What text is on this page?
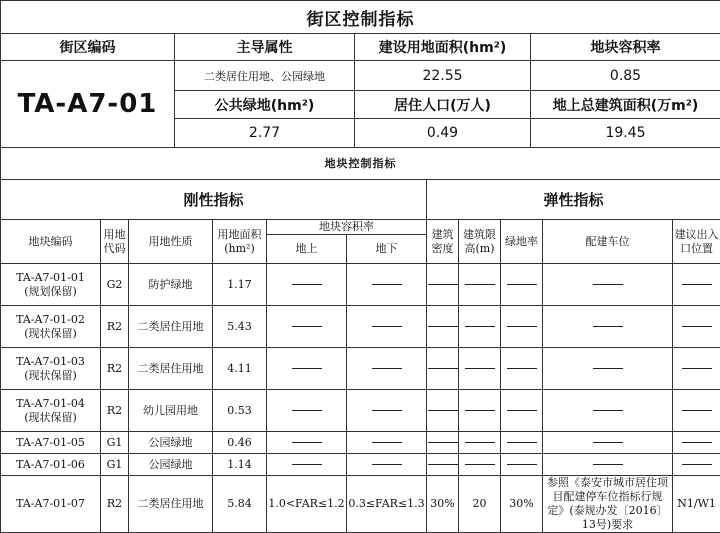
街区控制指标			
街区编码	主导属性	建设用地面积(hm²)	地块容积率
TA-A7-01	二类居住用地、公园绿地	22.55	0.85
	公共绿地(hm²)	居住人口(万人)	地上总建筑面积(万m²)
	2.77	0.49	19.45
地块控制指标										
刚性指标						弹性指标				
地块编码	用地代码	用地性质	用地面积(hm²)	地块容积率		建筑密度	建筑限高(m)	绿地率	配建车位	建议出入口位置
				地上	地下					

TA-A7-01-01
(规划保留)	G2	防护绿地	1.17							

TA-A7-01-02
(现状保留)	R2	二类居住用地	5.43							

TA-A7-01-03
(现状保留)	R2	二类居住用地	4.11							

TA-A7-01-04
(现状保留)	R2	幼儿园用地	0.53							

TA-A7-01-05	G1	公园绿地	0.46							

TA-A7-01-06	G1	公园绿地	1.14							

TA-A7-01-07	R2	二类居住用地	5.84	1.0<FAR≤1.2	0.3≤FAR≤1.3	30%	20	30%	参照《泰安市城市居住项目配建停车位指标行规定》(泰规办发〔2016〕13号)要求	N1/W1
